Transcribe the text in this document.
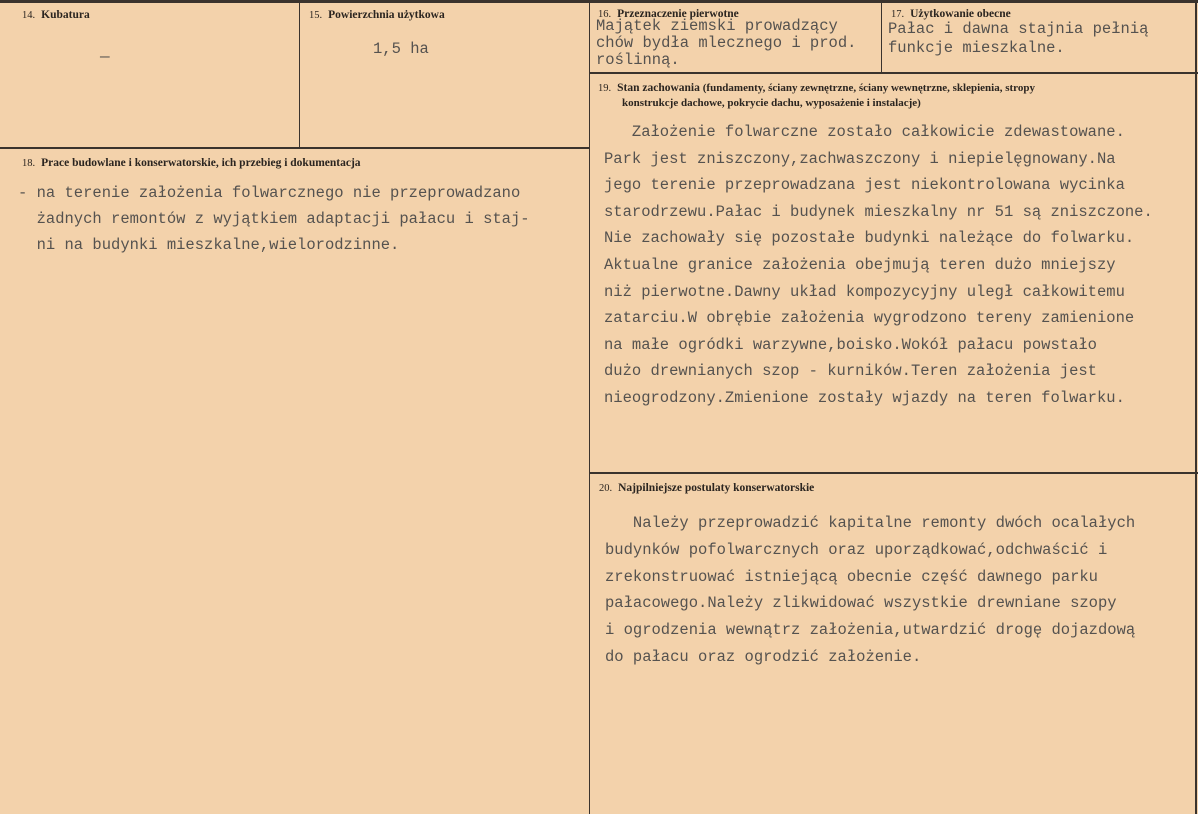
14. Kubatura
—
15. Powierzchnia użytkowa
1,5 ha
16. Przeznaczenie pierwotne
Majątek ziemski prowadzący
chów bydła mlecznego i prod.
roślinną.
17. Użytkowanie obecne
Pałac i dawna stajnia pełnią
funkcje mieszkalne.
19. Stan zachowania (fundamenty, ściany zewnętrzne, ściany wewnętrzne, sklepienia, stropy
konstrukcje dachowe, pokrycie dachu, wyposażenie i instalacje)
Założenie folwarczne zostało całkowicie zdewastowane.
Park jest zniszczony,zachwaszczony i niepielęgnowany.Na
jego terenie przeprowadzana jest niekontrolowana wycinka
starodrzewu.Pałac i budynek mieszkalny nr 51 są zniszczone.
Nie zachowały się pozostałe budynki należące do folwarku.
Aktualne granice założenia obejmują teren dużo mniejszy
niż pierwotne.Dawny układ kompozycyjny uległ całkowitemu
zatarciu.W obrębie założenia wygrodzono tereny zamienione
na małe ogródki warzywne,boisko.Wokół pałacu powstało
dużo drewnianych szop - kurników.Teren założenia jest
nieogrodzony.Zmienione zostały wjazdy na teren folwarku.
18. Prace budowlane i konserwatorskie, ich przebieg i dokumentacja
- na terenie założenia folwarcznego nie przeprowadzano
żadnych remontów z wyjątkiem adaptacji pałacu i staj-
ni na budynki mieszkalne,wielorodzinne.
20. Najpilniejsze postulaty konserwatorskie
Należy przeprowadzić kapitalne remonty dwóch ocalałych
budynków pofolwarcznych oraz uporządkować,odchwaścić i
zrekonstruować istniejącą obecnie część dawnego parku
pałacowego.Należy zlikwidować wszystkie drewniane szopy
i ogrodzenia wewnątrz założenia,utwardzić drogę dojazdową
do pałacu oraz ogrodzić założenie.
